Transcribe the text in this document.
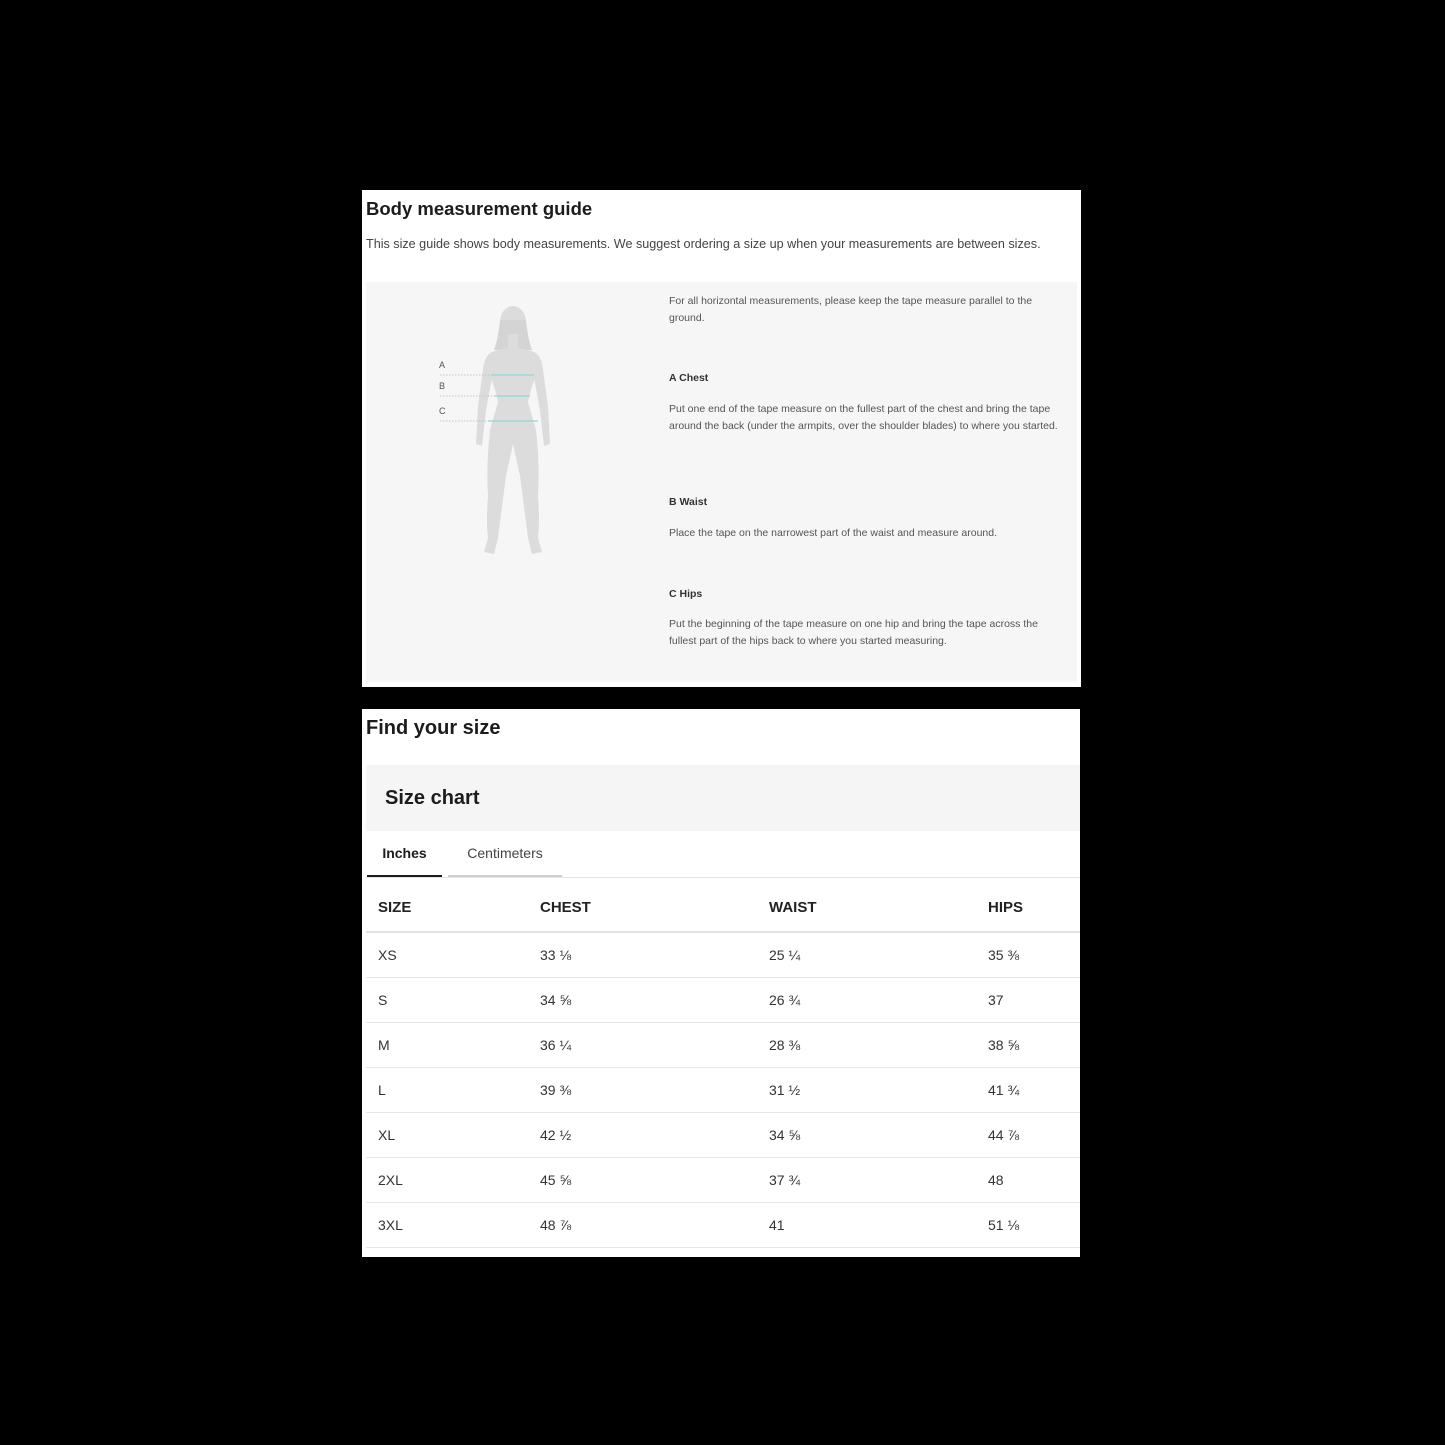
Body measurement guide
This size guide shows body measurements. We suggest ordering a size up when your measurements are between sizes.
A
B
C
For all horizontal measurements, please keep the tape measure parallel to the ground.
A Chest
Put one end of the tape measure on the fullest part of the chest and bring the tape around the back (under the armpits, over the shoulder blades) to where you started.
B Waist
Place the tape on the narrowest part of the waist and measure around.
C Hips
Put the beginning of the tape measure on one hip and bring the tape across the fullest part of the hips back to where you started measuring.
Find your size
Size chart
Inches	Centimeters
SIZE	CHEST	WAIST	HIPS
XS	33 ⅛	25 ¼	35 ⅜
S	34 ⅝	26 ¾	37
M	36 ¼	28 ⅜	38 ⅝
L	39 ⅜	31 ½	41 ¾
XL	42 ½	34 ⅝	44 ⅞
2XL	45 ⅝	37 ¾	48
3XL	48 ⅞	41	51 ⅛
